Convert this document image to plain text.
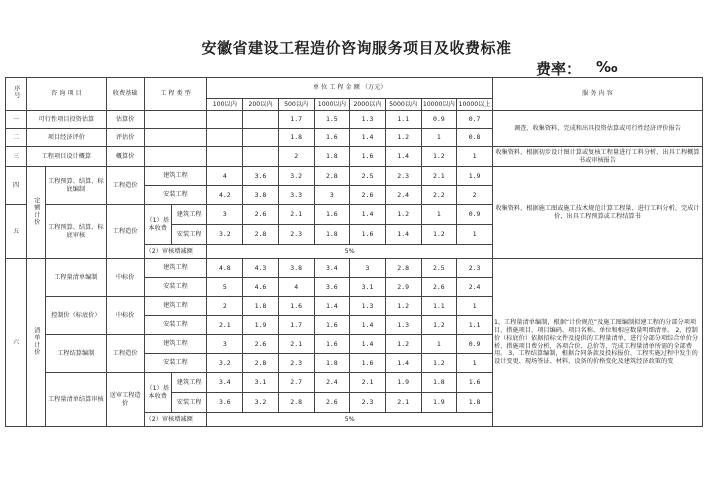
安徽省建设工程造价咨询服务项目及收费标准
费率： ‰
序号	咨 询 项 目		收费基础	工 程 类 型		单 位 工 程 金 额 （万元）								服 务 内 容
						100以内	200以内	500以内	1000以内	2000以内	5000以内	10000以内	10000以上	
一	可行性项目投资估算		估算价					1.7	1.5	1.3	1.1	0.9	0.7	调查、收集资料，完成和出具投资估算或可行性经济评价报告
二	项目经济评价		评估价					1.8	1.6	1.4	1.2	1	0.8	
三	工程项目设计概算		概算价					2	1.8	1.6	1.4	1.2	1	收集资料，根据初步设计图计算或复核工程量进行工料分析，出具工程概算书或审核报告
四	定额计价	工程预算、结算、标底编制	工程造价	建筑工程		4	3.6	3.2	2.8	2.5	2.3	2.1	1.9	收集资料，根据施工图或施工技术规范计算工程量、进行工料分析、完成计价，出具工程预算或工程结算书
				安装工程		4.2	3.8	3.3	3	2.6	2.4	2.2	2	
五		工程预算、结算、标底审核	工程造价	（1）基本收费	建筑工程	3	2.6	2.1	1.6	1.4	1.2	1	0.9	
					安装工程	3.2	2.8	2.3	1.8	1.6	1.4	1.2	1	
				（2）审核增减额		5%								
六	清单计价	工程量清单编制	中标价	建筑工程		4.8	4.3	3.8	3.4	3	2.8	2.5	2.3	1、工程量清单编制，根据“计价规范”及施工图编制拟建工程的分部分项项目、措施项目、项目编码、项目名称、单位和相应数量明细清单。 2、控制价（标底价）依据招标文件及提供的工程量清单，进行分部分项综合单价分析、措施项目费分析，各项合价、总价等，完成工程量清单所需的全部费用。 3、工程结算编制，根据合同条款及投标报价、工程实施过程中发生的设计变更、现场签证、材料、设备的价格变化及建筑经济政策的变
				安装工程		5	4.6	4	3.6	3.1	2.9	2.6	2.4	
		控制价（标底价）	中标价	建筑工程		2	1.8	1.6	1.4	1.3	1.2	1.1	1	
				安装工程		2.1	1.9	1.7	1.6	1.4	1.3	1.2	1.1	
		工程结算编制	工程造价	建筑工程		3	2.6	2.1	1.6	1.4	1.2	1	0.9	
				安装工程		3.2	2.8	2.3	1.8	1.6	1.4	1.2	1	
		工程量清单结算审核	送审工程造价	（1）基本收费	建筑工程	3.4	3.1	2.7	2.4	2.1	1.9	1.8	1.6	
					安装工程	3.6	3.2	2.8	2.6	2.3	2.1	1.9	1.8	
				（2）审核增减额		5%								
